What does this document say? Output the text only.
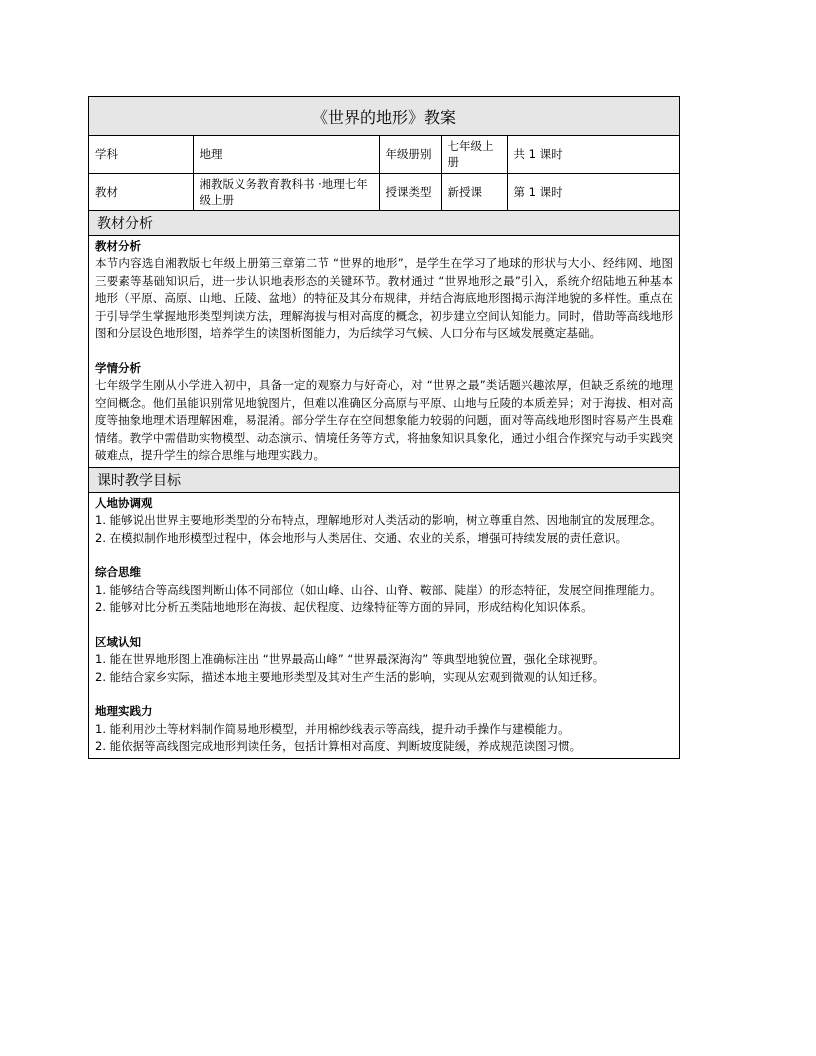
《世界的地形》教案
学科	地理	年级册别	七年级上册	共 1 课时
教材	湘教版义务教育教科书 ·地理七年级上册	授课类型	新授课	第 1 课时
教材分析
教材分析

本节内容选自湘教版七年级上册第三章第二节 “世界的地形”，是学生在学习了地球的形状与大小、经纬网、地图三要素等基础知识后，进一步认识地表形态的关键环节。教材通过 “世界地形之最”引入，系统介绍陆地五种基本地形（平原、高原、山地、丘陵、盆地）的特征及其分布规律，并结合海底地形图揭示海洋地貌的多样性。重点在于引导学生掌握地形类型判读方法，理解海拔与相对高度的概念，初步建立空间认知能力。同时，借助等高线地形图和分层设色地形图，培养学生的读图析图能力，为后续学习气候、人口分布与区域发展奠定基础。

学情分析

七年级学生刚从小学进入初中，具备一定的观察力与好奇心，对 “世界之最”类话题兴趣浓厚，但缺乏系统的地理空间概念。他们虽能识别常见地貌图片，但难以准确区分高原与平原、山地与丘陵的本质差异；对于海拔、相对高度等抽象地理术语理解困难，易混淆。部分学生存在空间想象能力较弱的问题，面对等高线地形图时容易产生畏难情绪。教学中需借助实物模型、动态演示、情境任务等方式，将抽象知识具象化，通过小组合作探究与动手实践突破难点，提升学生的综合思维与地理实践力。

课时教学目标
人地协调观

1. 能够说出世界主要地形类型的分布特点，理解地形对人类活动的影响，树立尊重自然、因地制宜的发展理念。

2. 在模拟制作地形模型过程中，体会地形与人类居住、交通、农业的关系，增强可持续发展的责任意识。

综合思维

1. 能够结合等高线图判断山体不同部位（如山峰、山谷、山脊、鞍部、陡崖）的形态特征，发展空间推理能力。

2. 能够对比分析五类陆地地形在海拔、起伏程度、边缘特征等方面的异同，形成结构化知识体系。

区域认知

1. 能在世界地形图上准确标注出 “世界最高山峰” “世界最深海沟” 等典型地貌位置，强化全球视野。

2. 能结合家乡实际，描述本地主要地形类型及其对生产生活的影响，实现从宏观到微观的认知迁移。

地理实践力

1. 能利用沙土等材料制作简易地形模型，并用棉纱线表示等高线，提升动手操作与建模能力。

2. 能依据等高线图完成地形判读任务，包括计算相对高度、判断坡度陡缓，养成规范读图习惯。
